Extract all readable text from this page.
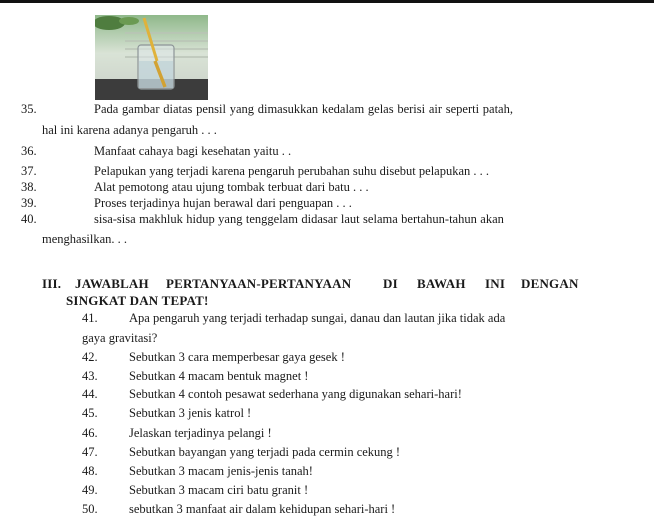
35.	Pada gambar diatas pensil yang dimasukkan kedalam gelas berisi air seperti patah,
hal ini karena adanya pengaruh . . .
36.	Manfaat cahaya bagi kesehatan yaitu . .
37.	Pelapukan yang terjadi karena pengaruh perubahan suhu disebut pelapukan . . .
38.	Alat pemotong atau ujung tombak terbuat dari batu . . .
39.	Proses terjadinya hujan berawal dari penguapan . . .
40.	sisa-sisa makhluk hidup yang tenggelam didasar laut selama bertahun-tahun akan
menghasilkan. . .
III. JAWABLAH PERTANYAAN-PERTANYAAN DI BAWAH INI DENGAN
SINGKAT DAN TEPAT!
41.	Apa pengaruh yang terjadi terhadap sungai, danau dan lautan jika tidak ada
gaya gravitasi?
42.	Sebutkan 3 cara memperbesar gaya gesek !
43.	Sebutkan 4 macam bentuk magnet !
44.	Sebutkan 4 contoh pesawat sederhana yang digunakan sehari-hari!
45.	Sebutkan 3 jenis katrol !
46.	Jelaskan terjadinya pelangi !
47.	Sebutkan bayangan yang terjadi pada cermin cekung !
48.	Sebutkan 3 macam jenis-jenis tanah!
49.	Sebutkan 3 macam ciri batu granit !
50.	sebutkan 3 manfaat air dalam kehidupan sehari-hari !
